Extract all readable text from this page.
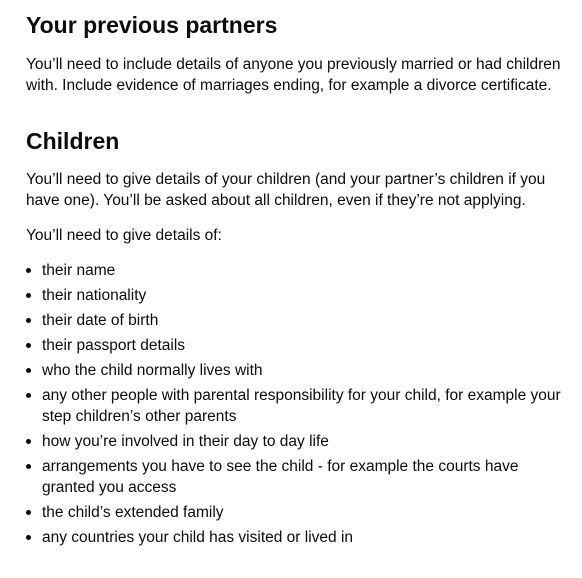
Your previous partners

You’ll need to include details of anyone you previously married or had children with. Include evidence of marriages ending, for example a divorce certificate.

Children

You’ll need to give details of your children (and your partner’s children if you have one). You’ll be asked about all children, even if they’re not applying.

You’ll need to give details of:

their name
their nationality
their date of birth
their passport details
who the child normally lives with
any other people with parental responsibility for your child, for example your step children’s other parents
how you’re involved in their day to day life
arrangements you have to see the child - for example the courts have granted you access
the child’s extended family
any countries your child has visited or lived in
